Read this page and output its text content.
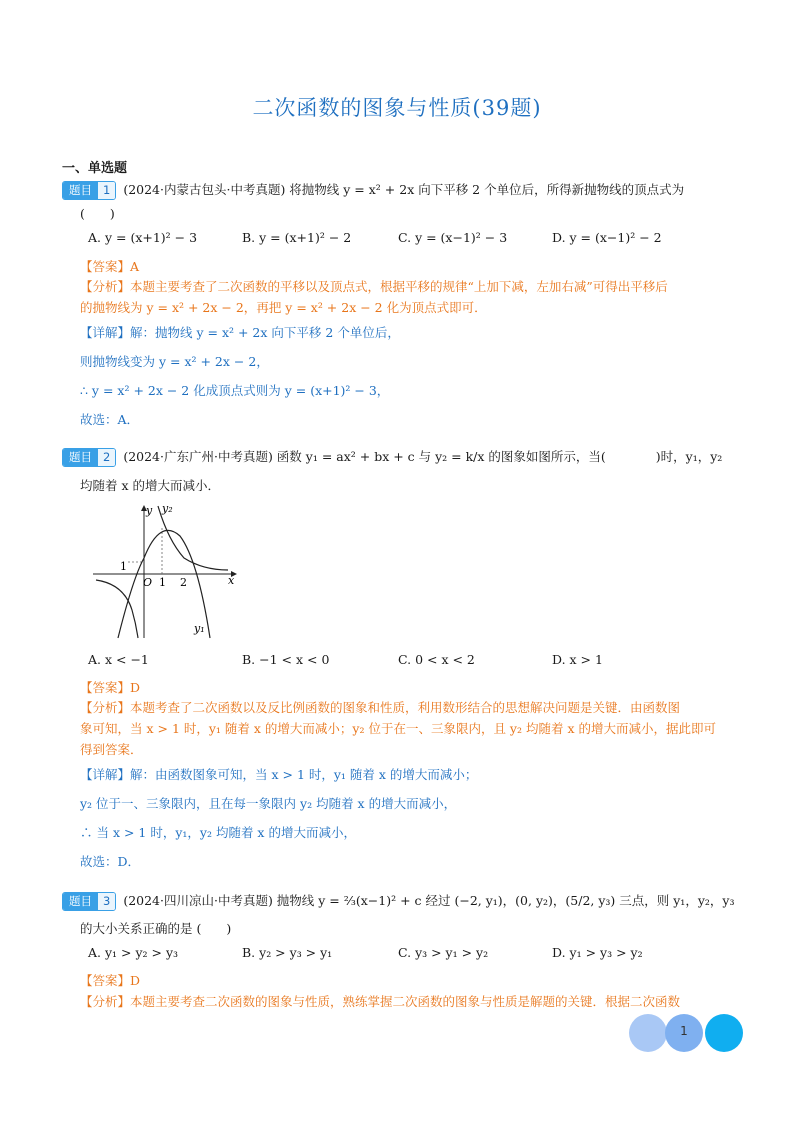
二次函数的图象与性质(39题)
一、单选题
题目 1 (2024·内蒙古包头·中考真题) 将抛物线 y = x² + 2x 向下平移 2 个单位后，所得新抛物线的顶点式为
(　　)
A. y = (x+1)² − 3	B. y = (x+1)² − 2	C. y = (x−1)² − 3	D. y = (x−1)² − 2
【答案】A
【分析】本题主要考查了二次函数的平移以及顶点式，根据平移的规律“上加下减，左加右减”可得出平移后
的抛物线为 y = x² + 2x − 2，再把 y = x² + 2x − 2 化为顶点式即可．
【详解】解：抛物线 y = x² + 2x 向下平移 2 个单位后，
则抛物线变为 y = x² + 2x − 2，
∴ y = x² + 2x − 2 化成顶点式则为 y = (x+1)² − 3，
故选：A．
题目 2 (2024·广东广州·中考真题) 函数 y₁ = ax² + bx + c 与 y₂ = k/x 的图象如图所示，当(　　　　)时，y₁，y₂
均随着 x 的增大而减小．
y y₂
x
y₁
O
1
1 2
A. x < −1	B. −1 < x < 0	C. 0 < x < 2	D. x > 1
【答案】D
【分析】本题考查了二次函数以及反比例函数的图象和性质，利用数形结合的思想解决问题是关键．由函数图
象可知，当 x > 1 时，y₁ 随着 x 的增大而减小；y₂ 位于在一、三象限内，且 y₂ 均随着 x 的增大而减小，据此即可
得到答案．
【详解】解：由函数图象可知，当 x > 1 时，y₁ 随着 x 的增大而减小；
y₂ 位于一、三象限内，且在每一象限内 y₂ 均随着 x 的增大而减小，
∴ 当 x > 1 时，y₁，y₂ 均随着 x 的增大而减小，
故选：D．
题目 3 (2024·四川凉山·中考真题) 抛物线 y = ⅔(x−1)² + c 经过 (−2, y₁)，(0, y₂)，(5/2, y₃) 三点，则 y₁，y₂，y₃
的大小关系正确的是 (　　)
A. y₁ > y₂ > y₃	B. y₂ > y₃ > y₁	C. y₃ > y₁ > y₂	D. y₁ > y₃ > y₂
【答案】D
【分析】本题主要考查二次函数的图象与性质，熟练掌握二次函数的图象与性质是解题的关键．根据二次函数
1
